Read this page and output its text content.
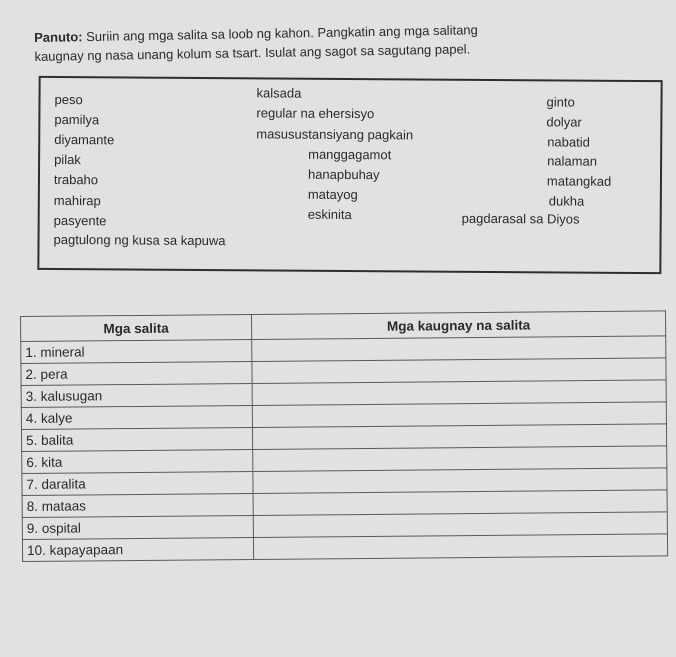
Panuto: Suriin ang mga salita sa loob ng kahon. Pangkatin ang mga salitang
kaugnay ng nasa unang kolum sa tsart. Isulat ang sagot sa sagutang papel.
peso
pamilya
diyamante
pilak
trabaho
mahirap
pasyente
pagtulong ng kusa sa kapuwa
kalsada
regular na ehersisyo
masusustansiyang pagkain
manggagamot
hanapbuhay
matayog
eskinita
ginto
dolyar
nabatid
nalaman
matangkad
dukha
pagdarasal sa Diyos
Mga salita	Mga kaugnay na salita
1. mineral	
2. pera	
3. kalusugan	
4. kalye	
5. balita	
6. kita	
7. daralita	
8. mataas	
9. ospital	
10. kapayapaan	
